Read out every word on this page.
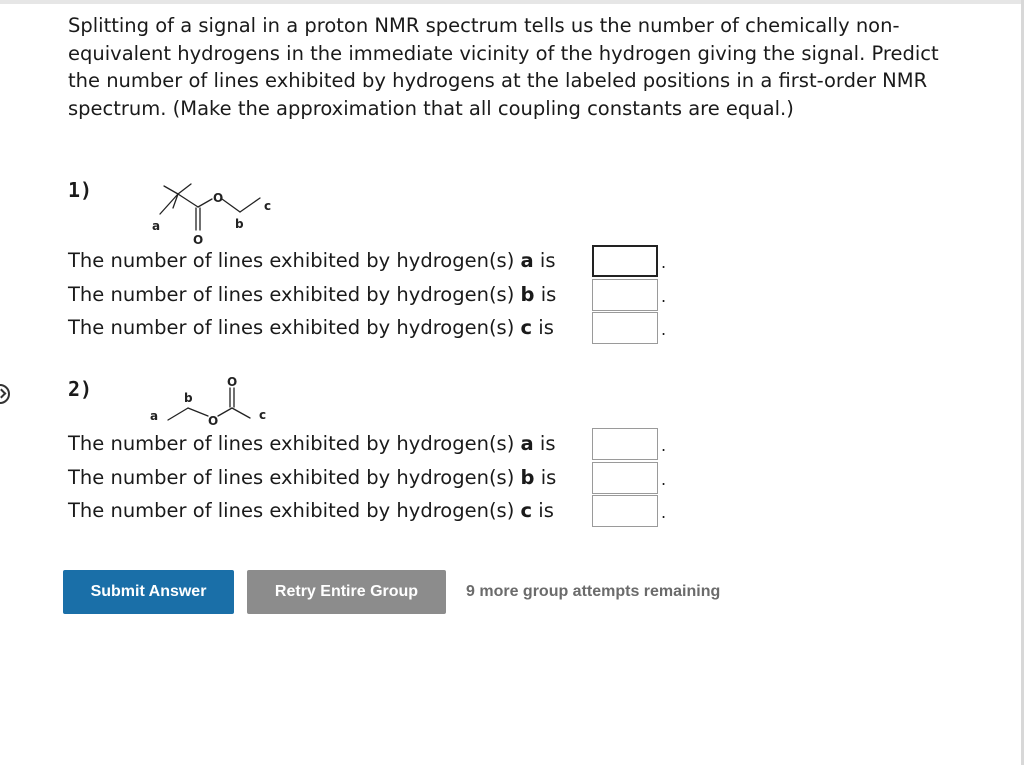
Splitting of a signal in a proton NMR spectrum tells us the number of chemically non-equivalent hydrogens in the immediate vicinity of the hydrogen giving the signal. Predict the number of lines exhibited by hydrogens at the labeled positions in a first-order NMR spectrum. (Make the approximation that all coupling constants are equal.)

1)
a
O
O
b
c
The number of lines exhibited by hydrogen(s) a is	.
The number of lines exhibited by hydrogen(s) b is	.
The number of lines exhibited by hydrogen(s) c is	.
2)
a
b
O
O
c
The number of lines exhibited by hydrogen(s) a is	.
The number of lines exhibited by hydrogen(s) b is	.
The number of lines exhibited by hydrogen(s) c is	.
Submit Answer	Retry Entire Group	9 more group attempts remaining
